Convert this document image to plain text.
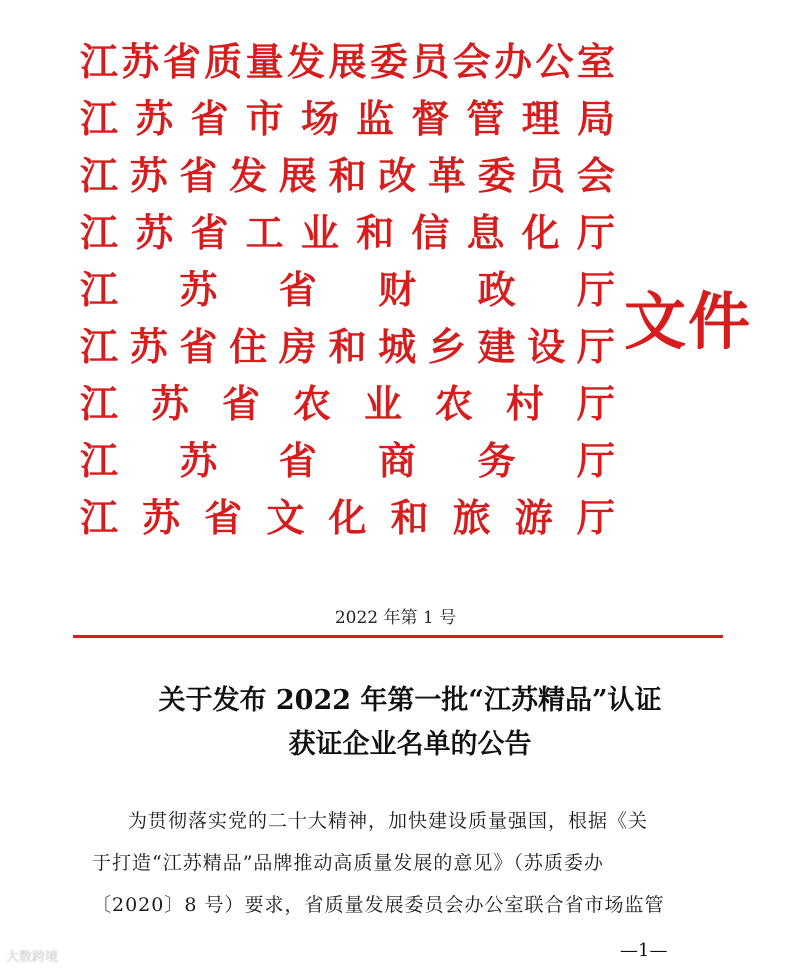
江 苏 省 质 量 发 展 委 员 会 办 公 室
江 苏 省 市 场 监 督 管 理 局
江 苏 省 发 展 和 改 革 委 员 会
江 苏 省 工 业 和 信 息 化 厅
江 苏 省 财 政 厅
江 苏 省 住 房 和 城 乡 建 设 厅
江 苏 省 农 业 农 村 厅
江 苏 省 商 务 厅
江 苏 省 文 化 和 旅 游 厅
文件
2022 年第 1 号
关于发布 2022 年第一批“江苏精品”认证
获证企业名单的公告
为贯彻落实党的二十大精神，加快建设质量强国，根据《关
于打造“江苏精品”品牌推动高质量发展的意见》（苏质委办
〔2020〕8 号）要求，省质量发展委员会办公室联合省市场监管
—1—
大数跨境
